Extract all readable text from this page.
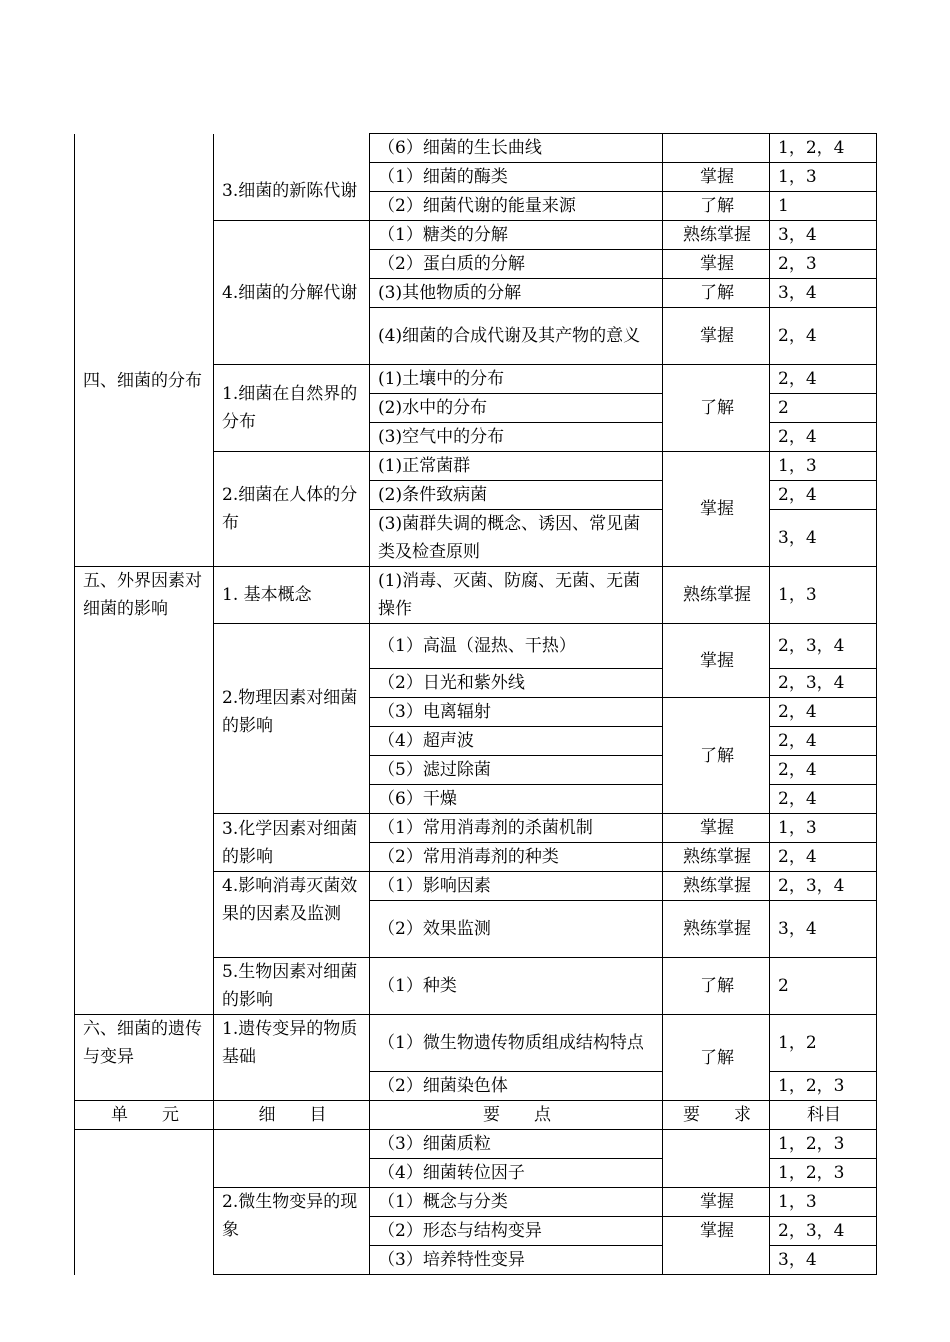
		（6）细菌的生长曲线		1，2，4
	3.细菌的新陈代谢	（1）细菌的酶类	掌握	1，3
		（2）细菌代谢的能量来源	了解	1
	4.细菌的分解代谢	（1）糖类的分解	熟练掌握	3，4
		（2）蛋白质的分解	掌握	2，3
		(3)其他物质的分解	了解	3，4
		(4)细菌的合成代谢及其产物的意义	掌握	2，4
四、细菌的分布	1.细菌在自然界的分布	(1)土壤中的分布	了解	2，4
		(2)水中的分布		2
		(3)空气中的分布		2，4
	2.细菌在人体的分布	(1)正常菌群	掌握	1，3
		(2)条件致病菌		2，4
		(3)菌群失调的概念、诱因、常见菌类及检查原则		3，4
五、外界因素对细菌的影响	1. 基本概念	(1)消毒、灭菌、防腐、无菌、无菌操作	熟练掌握	1，3
	2.物理因素对细菌的影响	（1）高温（湿热、干热）	掌握	2，3，4
		（2）日光和紫外线		2，3，4
		（3）电离辐射	了解	2，4
		（4）超声波		2，4
		（5）滤过除菌		2，4
		（6）干燥		2，4
	3.化学因素对细菌的影响	（1）常用消毒剂的杀菌机制	掌握	1，3
		（2）常用消毒剂的种类	熟练掌握	2，4
	4.影响消毒灭菌效果的因素及监测	（1）影响因素	熟练掌握	2，3，4
		（2）效果监测	熟练掌握	3，4
	5.生物因素对细菌的影响	（1）种类	了解	2
六、细菌的遗传与变异	1.遗传变异的物质基础	（1）微生物遗传物质组成结构特点	了解	1，2
		（2）细菌染色体		1，2，3
单　　元	细　　目	要　　点	要　　求	科目
		（3）细菌质粒		1，2，3
		（4）细菌转位因子		1，2，3
	2.微生物变异的现象	（1）概念与分类	掌握	1，3
		（2）形态与结构变异	掌握	2，3，4
		（3）培养特性变异		3，4
